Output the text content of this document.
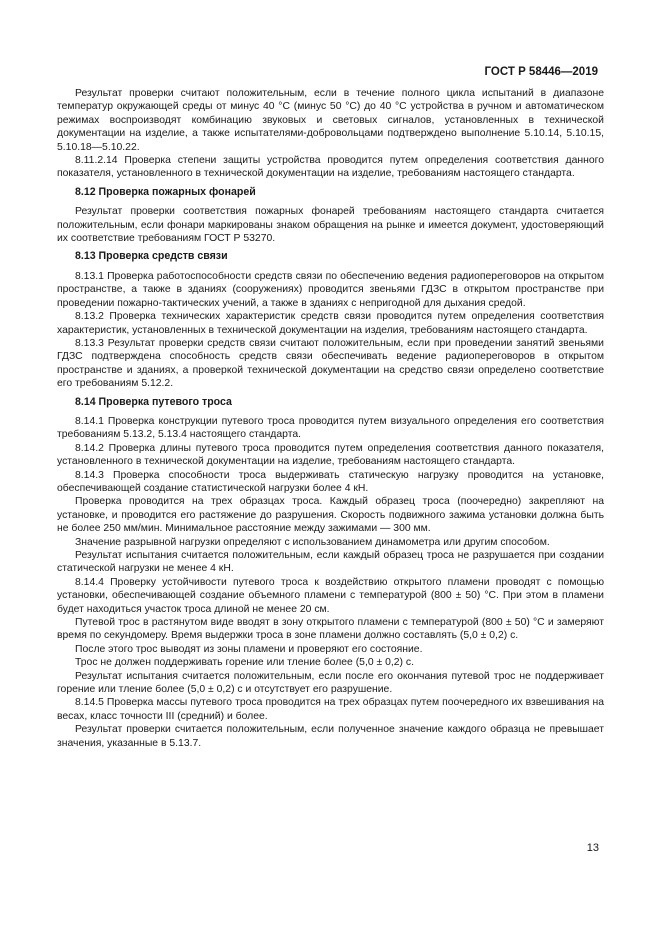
ГОСТ Р 58446—2019

Результат проверки считают положительным, если в течение полного цикла испытаний в диапазоне температур окружающей среды от минус 40 °С (минус 50 °С) до 40 °С устройства в ручном и автоматическом режимах воспроизводят комбинацию звуковых и световых сигналов, установленных в технической документации на изделие, а также испытателями-добровольцами подтверждено выполнение 5.10.14, 5.10.15, 5.10.18—5.10.22.

8.11.2.14 Проверка степени защиты устройства проводится путем определения соответствия данного показателя, установленного в технической документации на изделие, требованиям настоящего стандарта.

8.12 Проверка пожарных фонарей

Результат проверки соответствия пожарных фонарей требованиям настоящего стандарта считается положительным, если фонари маркированы знаком обращения на рынке и имеется документ, удостоверяющий их соответствие требованиям ГОСТ Р 53270.

8.13 Проверка средств связи

8.13.1 Проверка работоспособности средств связи по обеспечению ведения радиопереговоров на открытом пространстве, а также в зданиях (сооружениях) проводится звеньями ГДЗС в открытом пространстве при проведении пожарно-тактических учений, а также в зданиях с непригодной для дыхания средой.

8.13.2 Проверка технических характеристик средств связи проводится путем определения соответствия характеристик, установленных в технической документации на изделия, требованиям настоящего стандарта.

8.13.3 Результат проверки средств связи считают положительным, если при проведении занятий звеньями ГДЗС подтверждена способность средств связи обеспечивать ведение радиопереговоров в открытом пространстве и зданиях, а проверкой технической документации на средство связи определено соответствие его требованиям 5.12.2.

8.14 Проверка путевого троса

8.14.1 Проверка конструкции путевого троса проводится путем визуального определения его соответствия требованиям 5.13.2, 5.13.4 настоящего стандарта.

8.14.2 Проверка длины путевого троса проводится путем определения соответствия данного показателя, установленного в технической документации на изделие, требованиям настоящего стандарта.

8.14.3 Проверка способности троса выдерживать статическую нагрузку проводится на установке, обеспечивающей создание статистической нагрузки более 4 кН.

Проверка проводится на трех образцах троса. Каждый образец троса (поочередно) закрепляют на установке, и проводится его растяжение до разрушения. Скорость подвижного зажима установки должна быть не более 250 мм/мин. Минимальное расстояние между зажимами — 300 мм.

Значение разрывной нагрузки определяют с использованием динамометра или другим способом.

Результат испытания считается положительным, если каждый образец троса не разрушается при создании статической нагрузки не менее 4 кН.

8.14.4 Проверку устойчивости путевого троса к воздействию открытого пламени проводят с помощью установки, обеспечивающей создание объемного пламени с температурой (800 ± 50) °С. При этом в пламени будет находиться участок троса длиной не менее 20 см.

Путевой трос в растянутом виде вводят в зону открытого пламени с температурой (800 ± 50) °С и замеряют время по секундомеру. Время выдержки троса в зоне пламени должно составлять (5,0 ± 0,2) с.

После этого трос выводят из зоны пламени и проверяют его состояние.

Трос не должен поддерживать горение или тление более (5,0 ± 0,2) с.

Результат испытания считается положительным, если после его окончания путевой трос не поддерживает горение или тление более (5,0 ± 0,2) с и отсутствует его разрушение.

8.14.5 Проверка массы путевого троса проводится на трех образцах путем поочередного их взвешивания на весах, класс точности III (средний) и более.

Результат проверки считается положительным, если полученное значение каждого образца не превышает значения, указанные в 5.13.7.

13
